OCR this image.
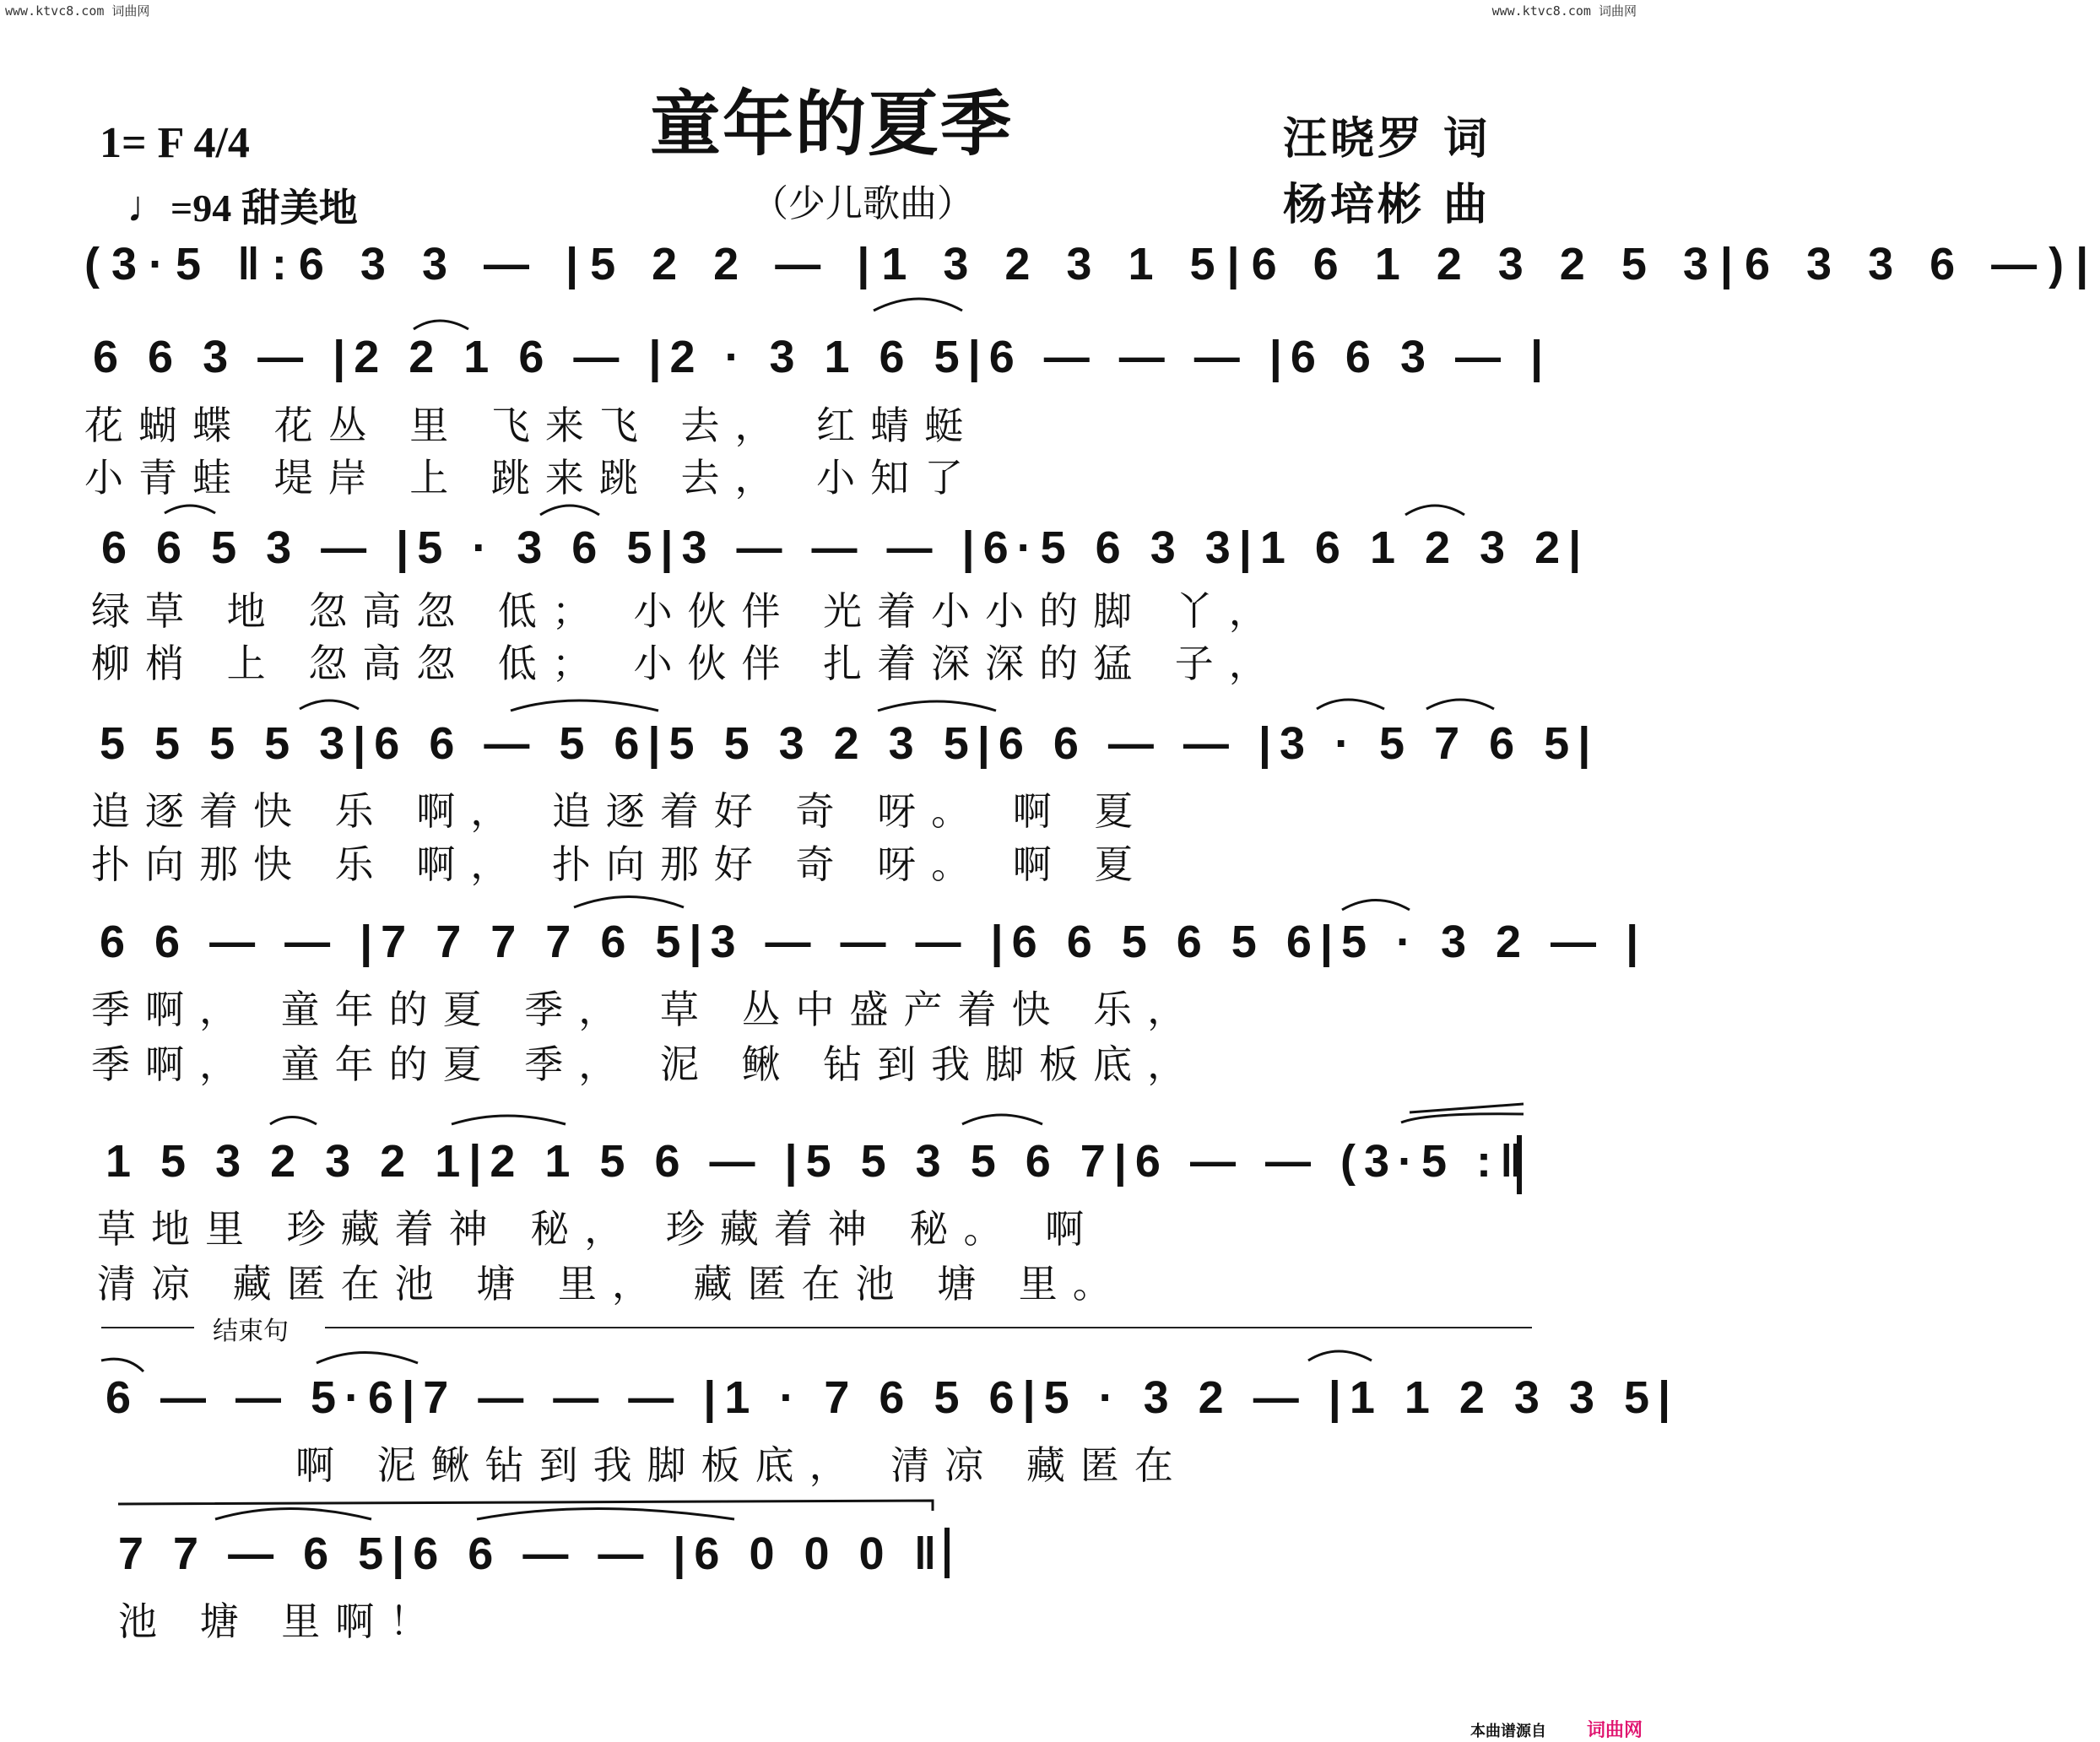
www.ktvc8.com 词曲网	www.ktvc8.com 词曲网
童年的夏季
（少儿歌曲）
1= F 4/4
♩=94 甜美地
汪晓罗 词
杨培彬 曲
(3·5 ‖:6 3 3 — |5 2 2 — |1 3 2 3 1 5|6 6 1 2 3 2 5 3|6 3 3 6 —)|
6 6 3 — |2 2 1 6 — |2 · 3 1 6 5|6 — — — |6 6 3 — |
花蝴蝶 花丛 里 飞来飞 去， 红蜻蜓
小青蛙 堤岸 上 跳来跳 去， 小知了
6 6 5 3 — |5 · 3 6 5|3 — — — |6·5 6 3 3|1 6 1 2 3 2|
绿草 地 忽高忽 低； 小伙伴 光着小小的脚 丫，
柳梢 上 忽高忽 低； 小伙伴 扎着深深的猛 子，
5 5 5 5 3|6 6 — 5 6|5 5 3 2 3 5|6 6 — — |3 · 5 7 6 5|
追逐着快 乐 啊， 追逐着好 奇 呀。 啊 夏
扑向那快 乐 啊， 扑向那好 奇 呀。 啊 夏
6 6 — — |7 7 7 7 6 5|3 — — — |6 6 5 6 5 6|5 · 3 2 — |
季啊， 童年的夏 季， 草 丛中盛产着快 乐，
季啊， 童年的夏 季， 泥 鳅 钻到我脚板底，
1 5 3 2 3 2 1|2 1 5 6 — |5 5 3 5 6 7|6 — — (3·5 :‖
草地里 珍藏着神 秘， 珍藏着神 秘。 啊
清凉 藏匿在池 塘 里， 藏匿在池 塘 里。
结束句
6 — — 5·6|7 — — — |1 · 7 6 5 6|5 · 3 2 — |1 1 2 3 3 5|
啊 泥鳅钻到我脚板底， 清凉 藏匿在
7 7 — 6 5|6 6 — — |6 0 0 0 ‖
池 塘 里啊！
本曲谱源自 词曲网
